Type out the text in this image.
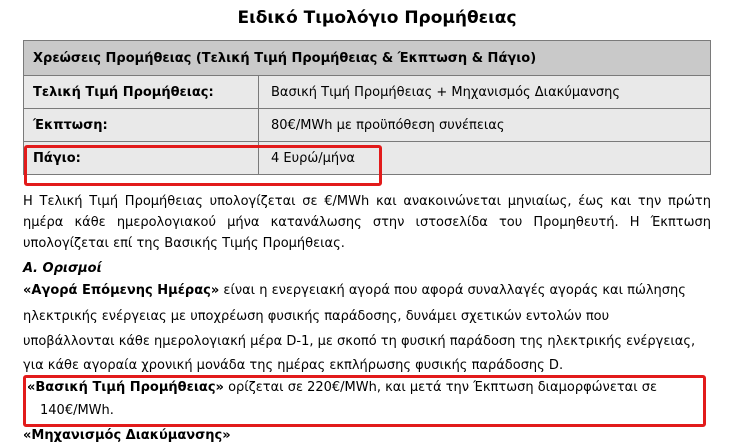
Ειδικό Τιμολόγιο Προμήθειας
Χρεώσεις Προμήθειας (Τελική Τιμή Προμήθειας & Έκπτωση & Πάγιο)	
Τελική Τιμή Προμήθειας:	Βασική Τιμή Προμήθειας + Μηχανισμός Διακύμανσης
Έκπτωση:	80€/MWh με προϋπόθεση συνέπειας
Πάγιο:	4 Ευρώ/μήνα
Η Τελική Τιμή Προμήθειας υπολογίζεται σε €/MWh και ανακοινώνεται μηνιαίως, έως και την πρώτη ημέρα κάθε ημερολογιακού μήνα κατανάλωσης στην ιστοσελίδα του Προμηθευτή. Η Έκπτωση υπολογίζεται επί της Βασικής Τιμής Προμήθειας.
Α. Ορισμοί
«Αγορά Επόμενης Ημέρας» είναι η ενεργειακή αγορά που αφορά συναλλαγές αγοράς και πώλησης
ηλεκτρικής ενέργειας με υποχρέωση φυσικής παράδοσης, δυνάμει σχετικών εντολών που
υποβάλλονται κάθε ημερολογιακή μέρα D-1, με σκοπό τη φυσική παράδοση της ηλεκτρικής ενέργειας,
για κάθε αγοραία χρονική μονάδα της ημέρας εκπλήρωσης φυσικής παράδοσης D.
«Βασική Τιμή Προμήθειας» ορίζεται σε 220€/MWh, και μετά την Έκπτωση διαμορφώνεται σε
140€/MWh.
«Μηχανισμός Διακύμανσης»
